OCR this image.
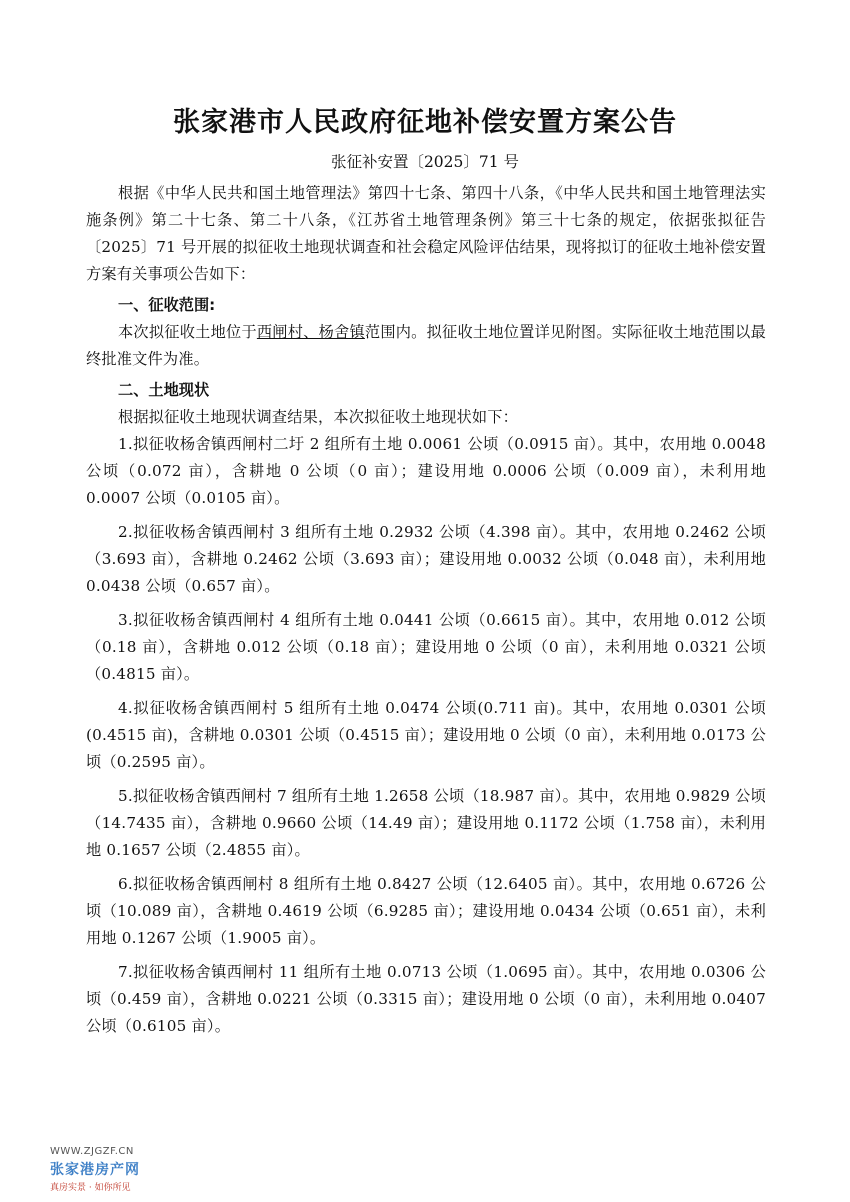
张家港市人民政府征地补偿安置方案公告
张征补安置〔2025〕71 号

根据《中华人民共和国土地管理法》第四十七条、第四十八条，《中华人民共和国土地管理法实施条例》第二十七条、第二十八条，《江苏省土地管理条例》第三十七条的规定，依据张拟征告〔2025〕71 号开展的拟征收土地现状调查和社会稳定风险评估结果，现将拟订的征收土地补偿安置方案有关事项公告如下：

一、征收范围:

本次拟征收土地位于西闸村、杨舍镇范围内。拟征收土地位置详见附图。实际征收土地范围以最终批准文件为准。

二、土地现状

根据拟征收土地现状调查结果，本次拟征收土地现状如下：

1.拟征收杨舍镇西闸村二圩 2 组所有土地 0.0061 公顷（0.0915 亩）。其中，农用地 0.0048 公顷（0.072 亩），含耕地 0 公顷（0 亩）；建设用地 0.0006 公顷（0.009 亩），未利用地 0.0007 公顷（0.0105 亩）。

2.拟征收杨舍镇西闸村 3 组所有土地 0.2932 公顷（4.398 亩）。其中，农用地 0.2462 公顷（3.693 亩），含耕地 0.2462 公顷（3.693 亩）；建设用地 0.0032 公顷（0.048 亩），未利用地 0.0438 公顷（0.657 亩）。

3.拟征收杨舍镇西闸村 4 组所有土地 0.0441 公顷（0.6615 亩）。其中，农用地 0.012 公顷（0.18 亩），含耕地 0.012 公顷（0.18 亩）；建设用地 0 公顷（0 亩），未利用地 0.0321 公顷（0.4815 亩）。

4.拟征收杨舍镇西闸村 5 组所有土地 0.0474 公顷(0.711 亩)。其中，农用地 0.0301 公顷(0.4515 亩)，含耕地 0.0301 公顷（0.4515 亩）；建设用地 0 公顷（0 亩），未利用地 0.0173 公顷（0.2595 亩）。

5.拟征收杨舍镇西闸村 7 组所有土地 1.2658 公顷（18.987 亩）。其中，农用地 0.9829 公顷（14.7435 亩），含耕地 0.9660 公顷（14.49 亩）；建设用地 0.1172 公顷（1.758 亩），未利用地 0.1657 公顷（2.4855 亩）。

6.拟征收杨舍镇西闸村 8 组所有土地 0.8427 公顷（12.6405 亩）。其中，农用地 0.6726 公顷（10.089 亩），含耕地 0.4619 公顷（6.9285 亩）；建设用地 0.0434 公顷（0.651 亩），未利用地 0.1267 公顷（1.9005 亩）。

7.拟征收杨舍镇西闸村 11 组所有土地 0.0713 公顷（1.0695 亩）。其中，农用地 0.0306 公顷（0.459 亩），含耕地 0.0221 公顷（0.3315 亩）；建设用地 0 公顷（0 亩），未利用地 0.0407 公顷（0.6105 亩）。

WWW.ZJGZF.CN
张家港房产网
真房实景 · 如你所见
